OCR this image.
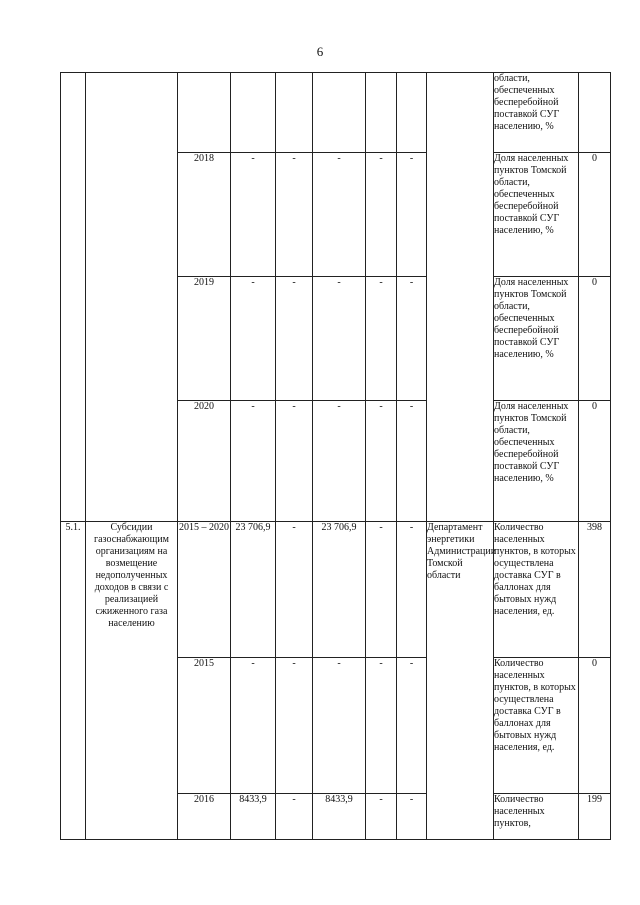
6
									области, обеспеченных бесперебойной поставкой СУГ населению, %	
		2018	-	-	-	-	-		Доля населенных пунктов Томской области, обеспеченных бесперебойной поставкой СУГ населению, %	0
		2019	-	-	-	-	-		Доля населенных пунктов Томской области, обеспеченных бесперебойной поставкой СУГ населению, %	0
		2020	-	-	-	-	-		Доля населенных пунктов Томской области, обеспеченных бесперебойной поставкой СУГ населению, %	0
5.1.	Субсидии газоснабжающим организациям на возмещение недополученных доходов в связи с реализацией сжиженного газа населению	2015 – 2020	23 706,9	-	23 706,9	-	-	Департамент энергетики Администрации Томской области	Количество населенных пунктов, в которых осуществлена доставка СУГ в баллонах для бытовых нужд населения, ед.	398
		2015	-	-	-	-	-		Количество населенных пунктов, в которых осуществлена доставка СУГ в баллонах для бытовых нужд населения, ед.	0
		2016	8433,9	-	8433,9	-	-		Количество населенных пунктов,	199
